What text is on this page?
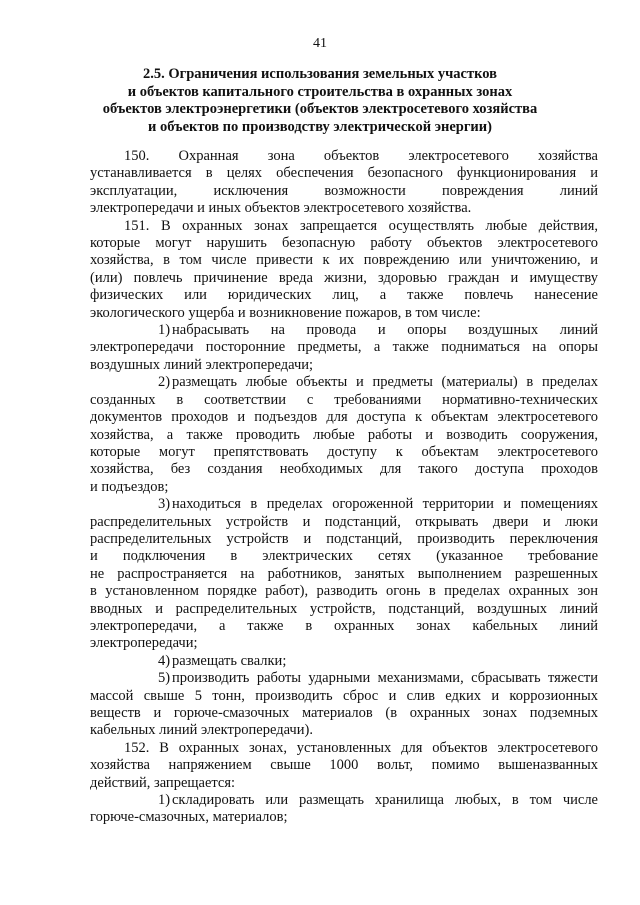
41
2.5. Ограничения использования земельных участков
и объектов капитального строительства в охранных зонах
объектов электроэнергетики (объектов электросетевого хозяйства
и объектов по производству электрической энергии)
150. Охранная зона объектов электросетевого хозяйства
устанавливается в целях обеспечения безопасного функционирования и
эксплуатации, исключения возможности повреждения линий
электропередачи и иных объектов электросетевого хозяйства.
151. В охранных зонах запрещается осуществлять любые действия,
которые могут нарушить безопасную работу объектов электросетевого
хозяйства, в том числе привести к их повреждению или уничтожению, и
(или) повлечь причинение вреда жизни, здоровью граждан и имуществу
физических или юридических лиц, а также повлечь нанесение
экологического ущерба и возникновение пожаров, в том числе:
1) набрасывать на провода и опоры воздушных линий
электропередачи посторонние предметы, а также подниматься на опоры
воздушных линий электропередачи;
2) размещать любые объекты и предметы (материалы) в пределах
созданных в соответствии с требованиями нормативно-технических
документов проходов и подъездов для доступа к объектам электросетевого
хозяйства, а также проводить любые работы и возводить сооружения,
которые могут препятствовать доступу к объектам электросетевого
хозяйства, без создания необходимых для такого доступа проходов
и подъездов;
3) находиться в пределах огороженной территории и помещениях
распределительных устройств и подстанций, открывать двери и люки
распределительных устройств и подстанций, производить переключения
и подключения в электрических сетях (указанное требование
не распространяется на работников, занятых выполнением разрешенных
в установленном порядке работ), разводить огонь в пределах охранных зон
вводных и распределительных устройств, подстанций, воздушных линий
электропередачи, а также в охранных зонах кабельных линий
электропередачи;
4) размещать свалки;
5) производить работы ударными механизмами, сбрасывать тяжести
массой свыше 5 тонн, производить сброс и слив едких и коррозионных
веществ и горюче-смазочных материалов (в охранных зонах подземных
кабельных линий электропередачи).
152. В охранных зонах, установленных для объектов электросетевого
хозяйства напряжением свыше 1000 вольт, помимо вышеназванных
действий, запрещается:
1) складировать или размещать хранилища любых, в том числе
горюче-смазочных, материалов;
